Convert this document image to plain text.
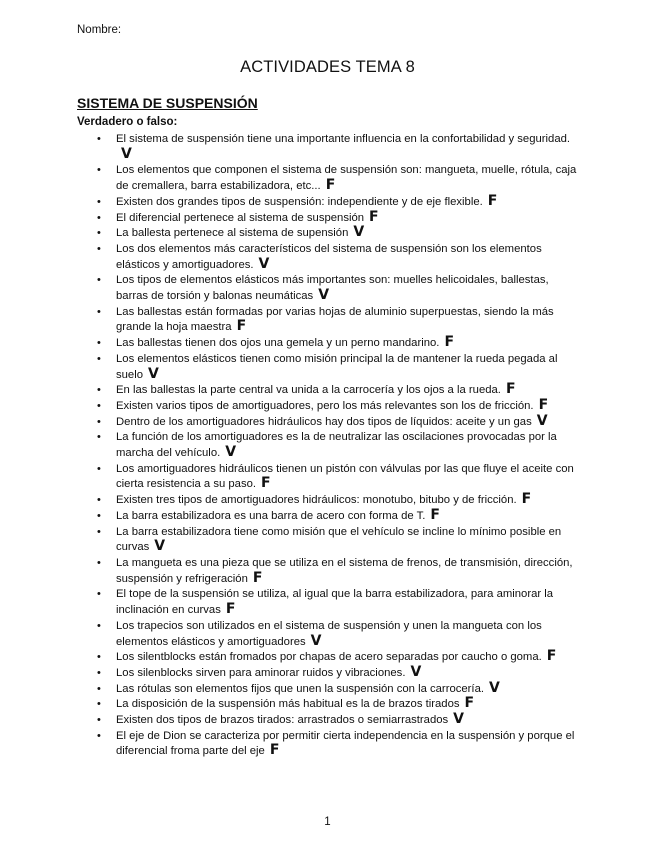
Nombre:
ACTIVIDADES TEMA 8
SISTEMA DE SUSPENSIÓN
Verdadero o falso:
•	El sistema de suspensión tiene una importante influencia en la confortabilidad y seguridad.V
•	Los elementos que componen el sistema de suspensión son: mangueta, muelle, rótula, caja de cremallera, barra estabilizadora, etc... F
•	Existen dos grandes tipos de suspensión: independiente y de eje flexible. F
•	El diferencial pertenece al sistema de suspensión F
•	La ballesta pertenece al sistema de supensión V
•	Los dos elementos más característicos del sistema de suspensión son los elementos elásticos y amortiguadores. V
•	Los tipos de elementos elásticos más importantes son: muelles helicoidales, ballestas, barras de torsión y balonas neumáticas V
•	Las ballestas están formadas por varias hojas de aluminio superpuestas, siendo la más grande la hoja maestra F
•	Las ballestas tienen dos ojos una gemela y un perno mandarino. F
•	Los elementos elásticos tienen como misión principal la de mantener la rueda pegada al suelo V
•	En las ballestas la parte central va unida a la carrocería y los ojos a la rueda. F
•	Existen varios tipos de amortiguadores, pero los más relevantes son los de fricción. F
•	Dentro de los amortiguadores hidráulicos hay dos tipos de líquidos: aceite y un gas V
•	La función de los amortiguadores es la de neutralizar las oscilaciones provocadas por la marcha del vehículo. V
•	Los amortiguadores hidráulicos tienen un pistón con válvulas por las que fluye el aceite con cierta resistencia a su paso. F
•	Existen tres tipos de amortiguadores hidráulicos: monotubo, bitubo y de fricción. F
•	La barra estabilizadora es una barra de acero con forma de T. F
•	La barra estabilizadora tiene como misión que el vehículo se incline lo mínimo posible en curvas V
•	La mangueta es una pieza que se utiliza en el sistema de frenos, de transmisión, dirección, suspensión y refrigeración F
•	El tope de la suspensión se utiliza, al igual que la barra estabilizadora, para aminorar la inclinación en curvas F
•	Los trapecios son utilizados en el sistema de suspensión y unen la mangueta con los elementos elásticos y amortiguadores V
•	Los silentblocks están fromados por chapas de acero separadas por caucho o goma. F
•	Los silenblocks sirven para aminorar ruidos y vibraciones. V
•	Las rótulas son elementos fijos que unen la suspensión con la carrocería. V
•	La disposición de la suspensión más habitual es la de brazos tirados F
•	Existen dos tipos de brazos tirados: arrastrados o semiarrastrados V
•	El eje de Dion se caracteriza por permitir cierta independencia en la suspensión y porque el diferencial froma parte del eje F
1
